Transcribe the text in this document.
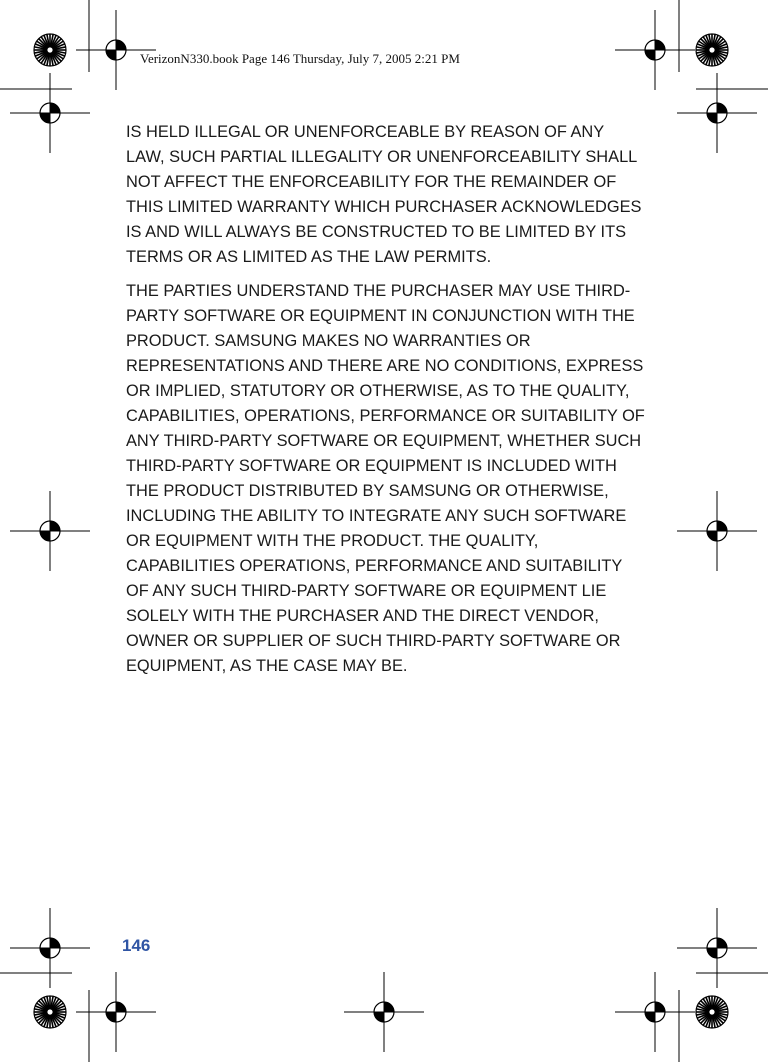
VerizonN330.book Page 146 Thursday, July 7, 2005 2:21 PM

IS HELD ILLEGAL OR UNENFORCEABLE BY REASON OF ANY LAW, SUCH PARTIAL ILLEGALITY OR UNENFORCEABILITY SHALL NOT AFFECT THE ENFORCEABILITY FOR THE REMAINDER OF THIS LIMITED WARRANTY WHICH PURCHASER ACKNOWLEDGES IS AND WILL ALWAYS BE CONSTRUCTED TO BE LIMITED BY ITS TERMS OR AS LIMITED AS THE LAW PERMITS.

THE PARTIES UNDERSTAND THE PURCHASER MAY USE THIRD-PARTY SOFTWARE OR EQUIPMENT IN CONJUNCTION WITH THE PRODUCT. SAMSUNG MAKES NO WARRANTIES OR REPRESENTATIONS AND THERE ARE NO CONDITIONS, EXPRESS OR IMPLIED, STATUTORY OR OTHERWISE, AS TO THE QUALITY, CAPABILITIES, OPERATIONS, PERFORMANCE OR SUITABILITY OF ANY THIRD-PARTY SOFTWARE OR EQUIPMENT, WHETHER SUCH THIRD-PARTY SOFTWARE OR EQUIPMENT IS INCLUDED WITH THE PRODUCT DISTRIBUTED BY SAMSUNG OR OTHERWISE, INCLUDING THE ABILITY TO INTEGRATE ANY SUCH SOFTWARE OR EQUIPMENT WITH THE PRODUCT. THE QUALITY, CAPABILITIES OPERATIONS, PERFORMANCE AND SUITABILITY OF ANY SUCH THIRD-PARTY SOFTWARE OR EQUIPMENT LIE SOLELY WITH THE PURCHASER AND THE DIRECT VENDOR, OWNER OR SUPPLIER OF SUCH THIRD-PARTY SOFTWARE OR EQUIPMENT, AS THE CASE MAY BE.

146
